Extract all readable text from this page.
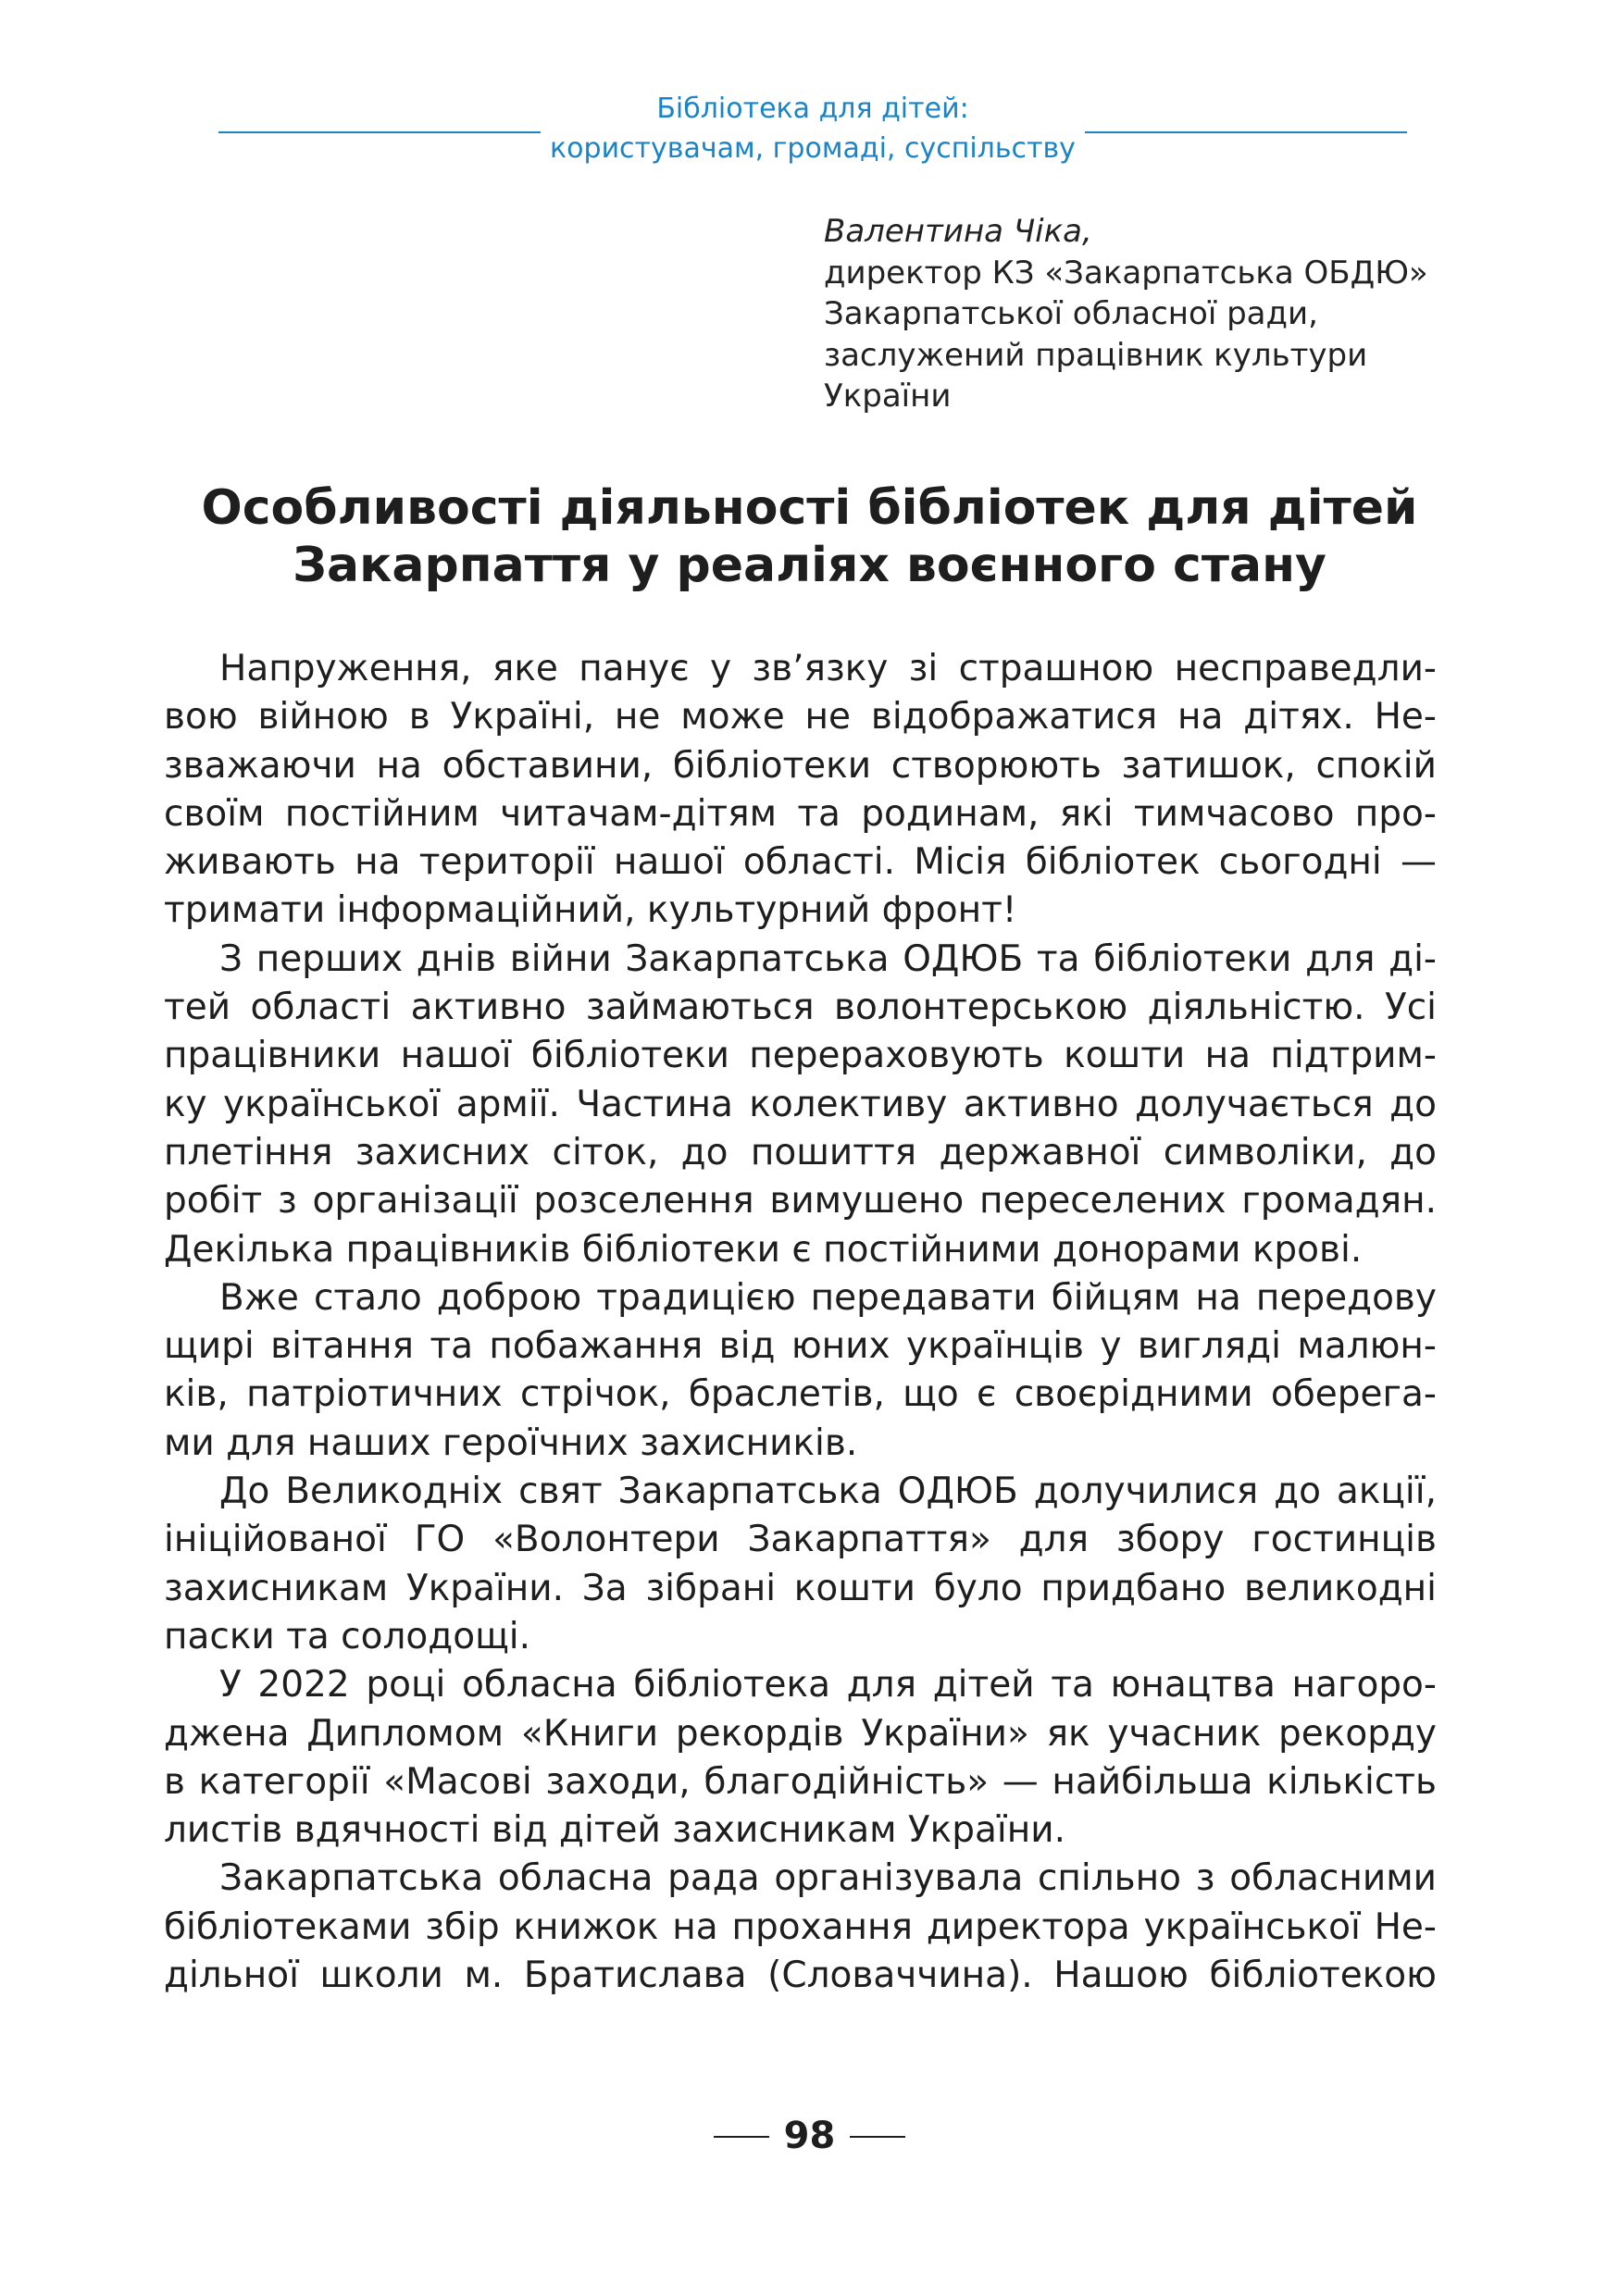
Бібліотека для дітей:
користувачам, громаді, суспільству
Валентина Чіка,
директор КЗ «Закарпатська ОБДЮ»
Закарпатської обласної ради,
заслужений працівник культури
України
Особливості діяльності бібліотек для дітей
Закарпаття у реаліях воєнного стану

Напруження, яке панує у зв’язку зі страшною несправедли-

вою війною в Україні, не може не відображатися на дітях. Не-

зважаючи на обставини, бібліотеки створюють затишок, спокій

своїм постійним читачам-дітям та родинам, які тимчасово про-

живають на території нашої області. Місія бібліотек сьогодні —

тримати інформаційний, культурний фронт!

З перших днів війни Закарпатська ОДЮБ та бібліотеки для ді-

тей області активно займаються волонтерською діяльністю. Усі

працівники нашої бібліотеки перераховують кошти на підтрим-

ку української армії. Частина колективу активно долучається до

плетіння захисних сіток, до пошиття державної символіки, до

робіт з організації розселення вимушено переселених громадян.

Декілька працівників бібліотеки є постійними донорами крові.

Вже стало доброю традицією передавати бійцям на передову

щирі вітання та побажання від юних українців у вигляді малюн-

ків, патріотичних стрічок, браслетів, що є своєрідними оберега-

ми для наших героїчних захисників.

До Великодніх свят Закарпатська ОДЮБ долучилися до акції,

ініційованої ГО «Волонтери Закарпаття» для збору гостинців

захисникам України. За зібрані кошти було придбано великодні

паски та солодощі.

У 2022 році обласна бібліотека для дітей та юнацтва нагоро-

джена Дипломом «Книги рекордів України» як учасник рекорду

в категорії «Масові заходи, благодійність» — найбільша кількість

листів вдячності від дітей захисникам України.

Закарпатська обласна рада організувала спільно з обласними

бібліотеками збір книжок на прохання директора української Не-

дільної школи м. Братислава (Словаччина). Нашою бібліотекою

98
